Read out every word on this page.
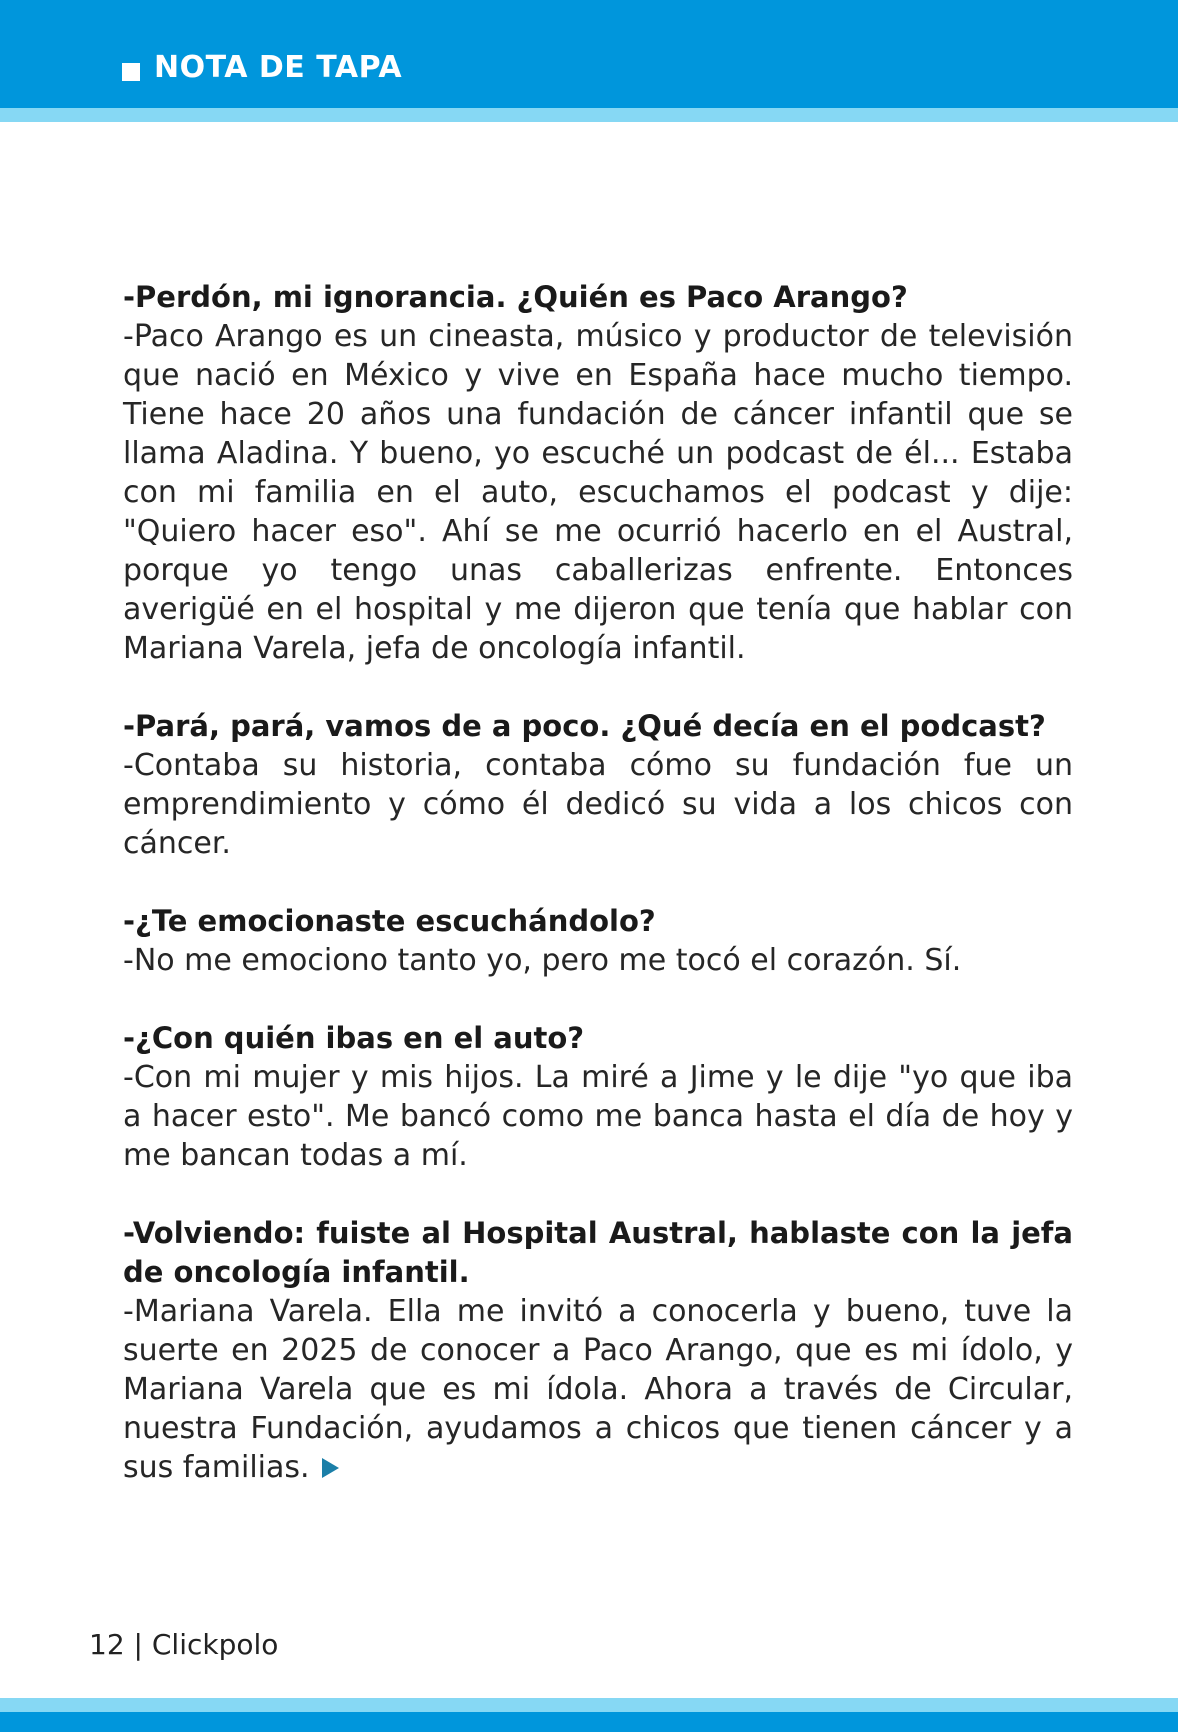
NOTA DE TAPA

-Perdón, mi ignorancia. ¿Quién es Paco Arango?

-Paco Arango es un cineasta, músico y productor de televisión que nació en México y vive en España hace mucho tiempo. Tiene hace 20 años una fundación de cáncer infantil que se llama Aladina. Y bueno, yo escuché un podcast de él... Estaba con mi familia en el auto, escuchamos el podcast y dije: "Quiero hacer eso". Ahí se me ocurrió hacerlo en el Austral, porque yo tengo unas caballerizas enfrente. Entonces averigüé en el hospital y me dijeron que tenía que hablar con Mariana Varela, jefa de oncología infantil.

-Pará, pará, vamos de a poco. ¿Qué decía en el podcast?

-Contaba su historia, contaba cómo su fundación fue un emprendimiento y cómo él dedicó su vida a los chicos con cáncer.

-¿Te emocionaste escuchándolo?

-No me emociono tanto yo, pero me tocó el corazón. Sí.

-¿Con quién ibas en el auto?

-Con mi mujer y mis hijos. La miré a Jime y le dije "yo que iba a hacer esto". Me bancó como me banca hasta el día de hoy y me bancan todas a mí.

-Volviendo: fuiste al Hospital Austral, hablaste con la jefa de oncología infantil.

-Mariana Varela. Ella me invitó a conocerla y bueno, tuve la suerte en 2025 de conocer a Paco Arango, que es mi ídolo, y Mariana Varela que es mi ídola. Ahora a través de Circular, nuestra Fundación, ayudamos a chicos que tienen cáncer y a sus familias.

12 | Clickpolo
